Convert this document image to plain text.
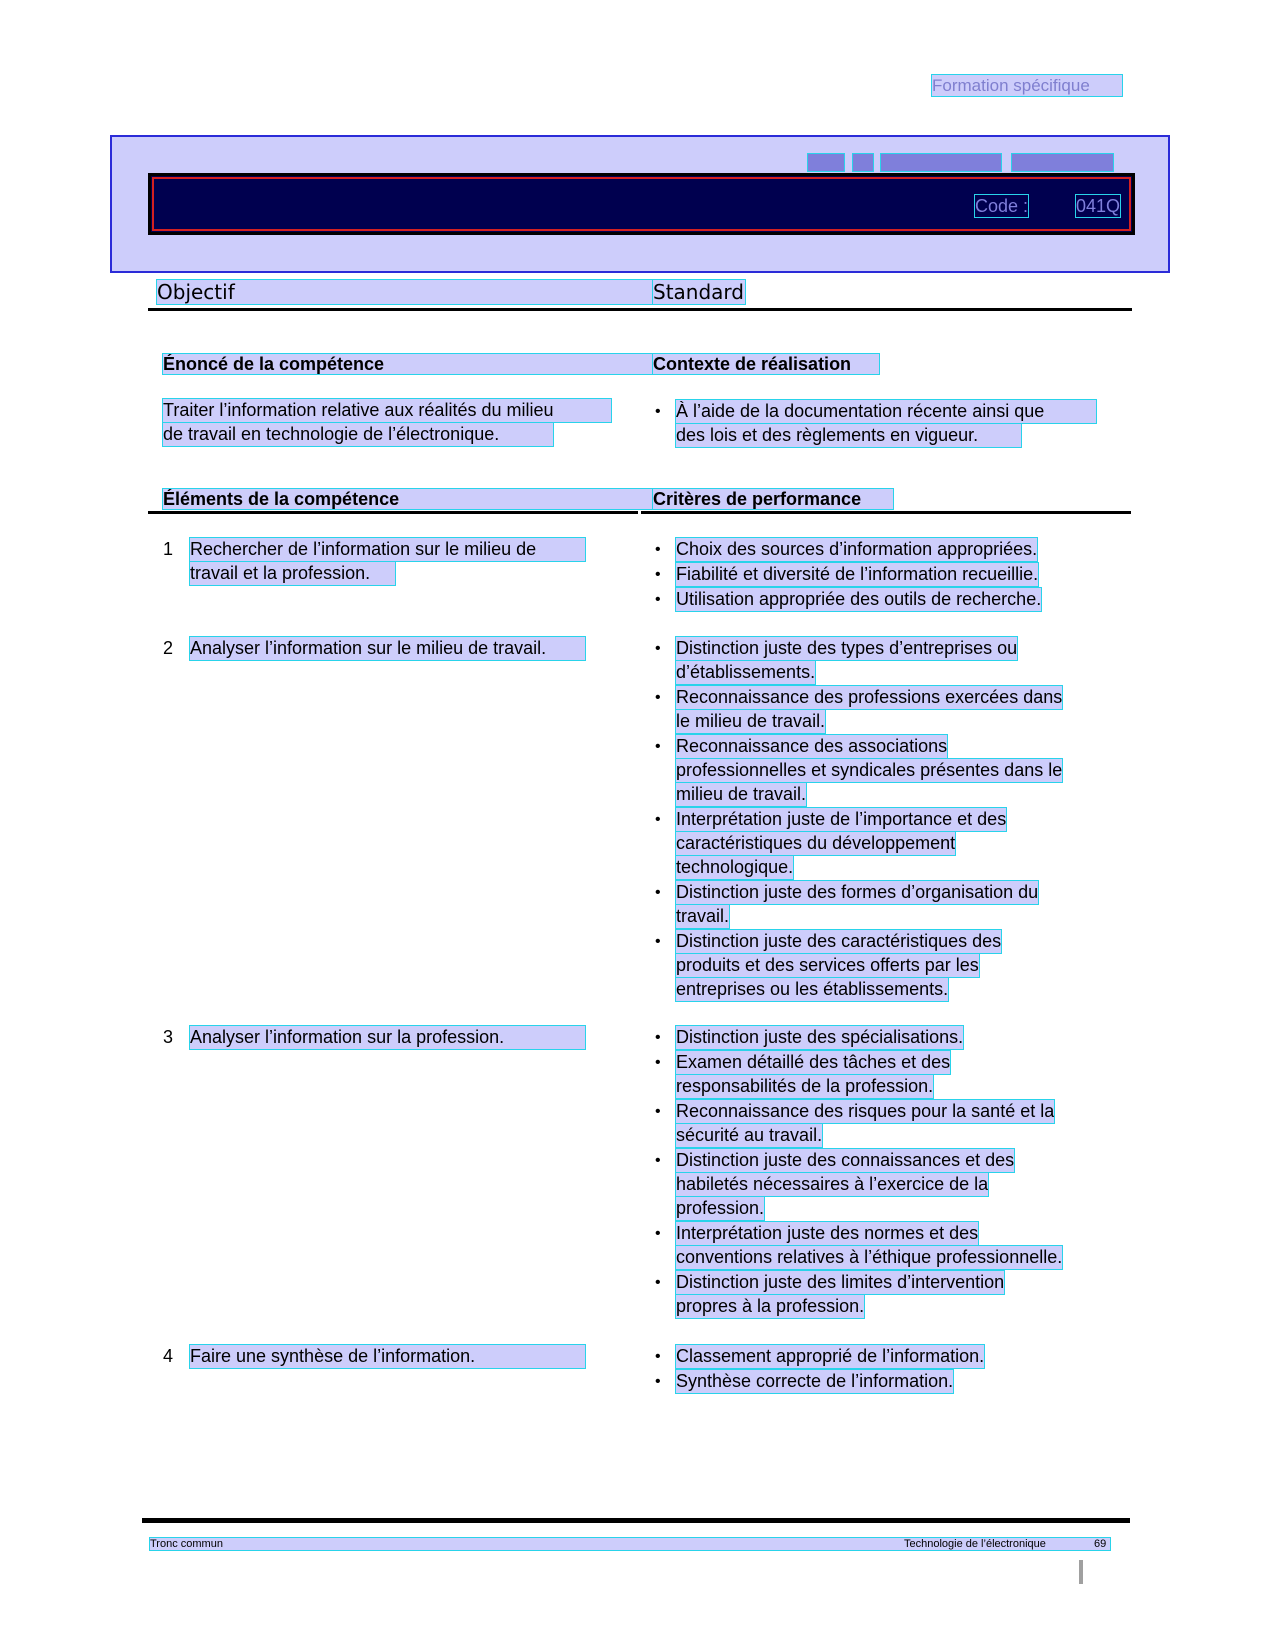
Formation spécifique
Code :	041Q
Objectif	Standard
Énoncé de la compétence	Contexte de réalisation
Traiter l’information relative aux réalités du milieu
de travail en technologie de l’électronique.
• À l’aide de la documentation récente ainsi que
des lois et des règlements en vigueur.
Éléments de la compétence	Critères de performance
1 Rechercher de l’information sur le milieu de
travail et la profession.
• Choix des sources d’information appropriées.
• Fiabilité et diversité de l’information recueillie.
• Utilisation appropriée des outils de recherche.
2 Analyser l’information sur le milieu de travail.	• Distinction juste des types d’entreprises ou
d’établissements.
• Reconnaissance des professions exercées dans
le milieu de travail.
• Reconnaissance des associations
professionnelles et syndicales présentes dans le
milieu de travail.
• Interprétation juste de l’importance et des
caractéristiques du développement
technologique.
• Distinction juste des formes d’organisation du
travail.
• Distinction juste des caractéristiques des
produits et des services offerts par les
entreprises ou les établissements.
3 Analyser l’information sur la profession.	• Distinction juste des spécialisations.
• Examen détaillé des tâches et des
responsabilités de la profession.
• Reconnaissance des risques pour la santé et la
sécurité au travail.
• Distinction juste des connaissances et des
habiletés nécessaires à l’exercice de la
profession.
• Interprétation juste des normes et des
conventions relatives à l’éthique professionnelle.
• Distinction juste des limites d’intervention
propres à la profession.
4 Faire une synthèse de l’information.	• Classement approprié de l’information.
• Synthèse correcte de l’information.
Tronc commun	Technologie de l’électronique	69
